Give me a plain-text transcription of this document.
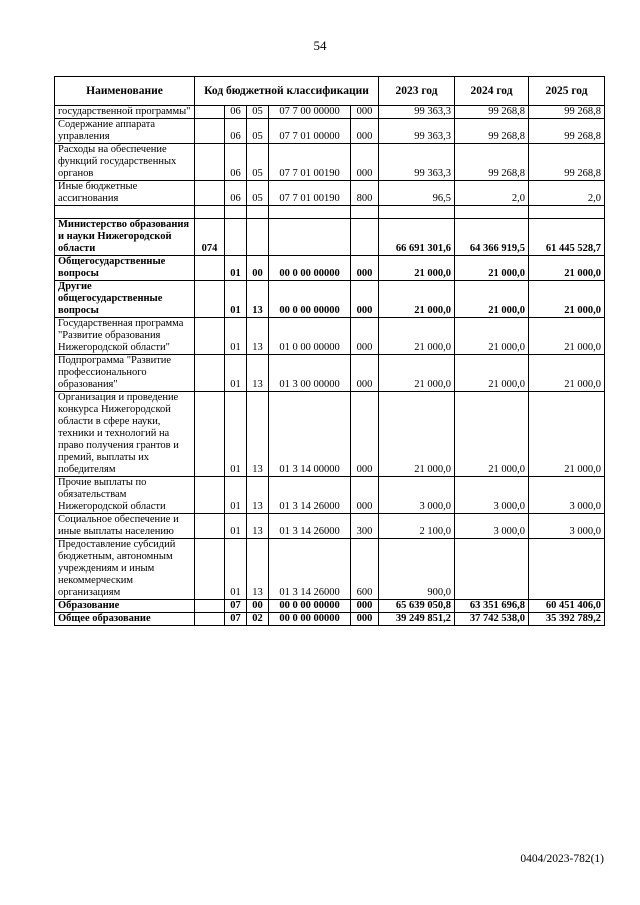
54
Наименование	Код бюджетной классификации					2023 год	2024 год	2025 год
государственной программы"		06	05	07 7 00 00000	000	99 363,3	99 268,8	99 268,8
Содержание аппарата управления		06	05	07 7 01 00000	000	99 363,3	99 268,8	99 268,8
Расходы на обеспечение функций государственных органов		06	05	07 7 01 00190	000	99 363,3	99 268,8	99 268,8
Иные бюджетные ассигнования		06	05	07 7 01 00190	800	96,5	2,0	2,0

Министерство образования и науки Нижегородской области	074					66 691 301,6	64 366 919,5	61 445 528,7
Общегосударственные вопросы		01	00	00 0 00 00000	000	21 000,0	21 000,0	21 000,0
Другие общегосударственные вопросы		01	13	00 0 00 00000	000	21 000,0	21 000,0	21 000,0
Государственная программа "Развитие образования Нижегородской области"		01	13	01 0 00 00000	000	21 000,0	21 000,0	21 000,0
Подпрограмма "Развитие профессионального образования"		01	13	01 3 00 00000	000	21 000,0	21 000,0	21 000,0
Организация и проведение конкурса Нижегородской области в сфере науки, техники и технологий на право получения грантов и премий, выплаты их победителям		01	13	01 3 14 00000	000	21 000,0	21 000,0	21 000,0
Прочие выплаты по обязательствам Нижегородской области		01	13	01 3 14 26000	000	3 000,0	3 000,0	3 000,0
Социальное обеспечение и иные выплаты населению		01	13	01 3 14 26000	300	2 100,0	3 000,0	3 000,0
Предоставление субсидий бюджетным, автономным учреждениям и иным некоммерческим организациям		01	13	01 3 14 26000	600	900,0		
Образование		07	00	00 0 00 00000	000	65 639 050,8	63 351 696,8	60 451 406,0
Общее образование		07	02	00 0 00 00000	000	39 249 851,2	37 742 538,0	35 392 789,2
0404/2023-782(1)
